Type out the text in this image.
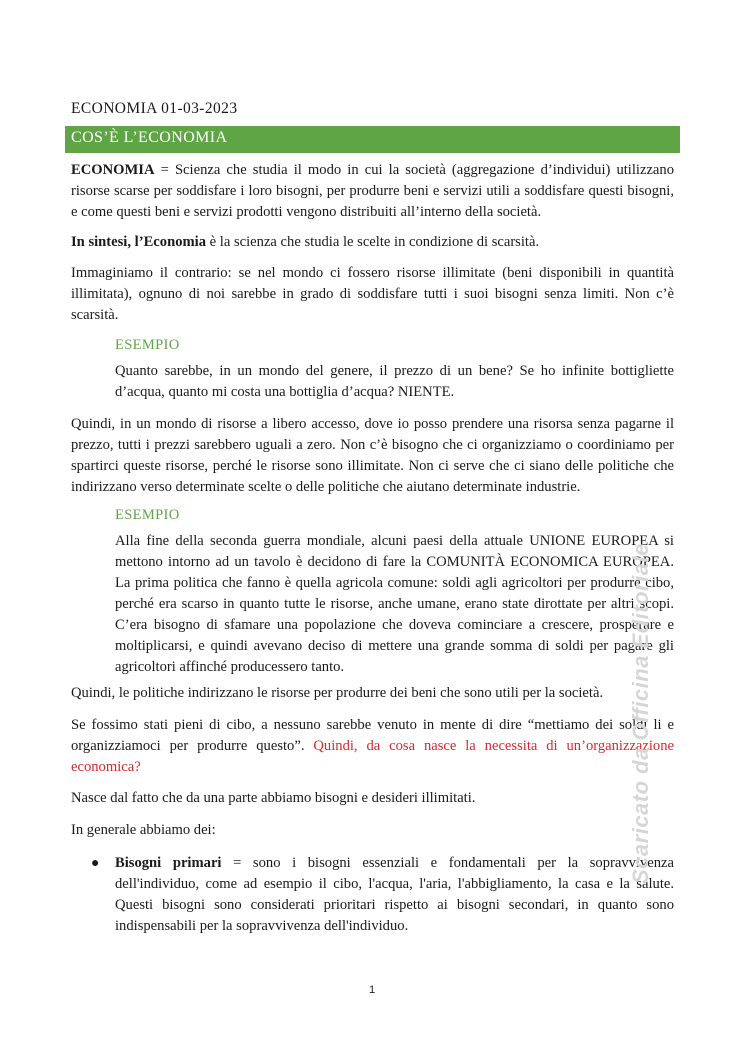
ECONOMIA 01-03-2023
COS’È L’ECONOMIA

ECONOMIA = Scienza che studia il modo in cui la società (aggregazione d’individui) utilizzano risorse scarse per soddisfare i loro bisogni, per produrre beni e servizi utili a soddisfare questi bisogni, e come questi beni e servizi prodotti vengono distribuiti all’interno della società.

In sintesi, l’Economia è la scienza che studia le scelte in condizione di scarsità.

Immaginiamo il contrario: se nel mondo ci fossero risorse illimitate (beni disponibili in quantità illimitata), ognuno di noi sarebbe in grado di soddisfare tutti i suoi bisogni senza limiti. Non c’è scarsità.

ESEMPIO

Quanto sarebbe, in un mondo del genere, il prezzo di un bene? Se ho infinite bottigliette d’acqua, quanto mi costa una bottiglia d’acqua? NIENTE.

Quindi, in un mondo di risorse a libero accesso, dove io posso prendere una risorsa senza pagarne il prezzo, tutti i prezzi sarebbero uguali a zero. Non c’è bisogno che ci organizziamo o coordiniamo per spartirci queste risorse, perché le risorse sono illimitate. Non ci serve che ci siano delle politiche che indirizzano verso determinate scelte o delle politiche che aiutano determinate industrie.

ESEMPIO

Alla fine della seconda guerra mondiale, alcuni paesi della attuale UNIONE EUROPEA si mettono intorno ad un tavolo è decidono di fare la COMUNITÀ ECONOMICA EUROPEA. La prima politica che fanno è quella agricola comune: soldi agli agricoltori per produrre cibo, perché era scarso in quanto tutte le risorse, anche umane, erano state dirottate per altri scopi. C’era bisogno di sfamare una popolazione che doveva cominciare a crescere, prosperare e moltiplicarsi, e quindi avevano deciso di mettere una grande somma di soldi per pagare gli agricoltori affinché producessero tanto.

Quindi, le politiche indirizzano le risorse per produrre dei beni che sono utili per la società.

Se fossimo stati pieni di cibo, a nessuno sarebbe venuto in mente di dire “mettiamo dei soldi li e organizziamoci per produrre questo”. Quindi, da cosa nasce la necessita di un’organizzazione economica?

Nasce dal fatto che da una parte abbiamo bisogni e desideri illimitati.

In generale abbiamo dei:

● Bisogni primari = sono i bisogni essenziali e fondamentali per la sopravvivenza dell'individuo, come ad esempio il cibo, l'acqua, l'aria, l'abbigliamento, la casa e la salute. Questi bisogni sono considerati prioritari rispetto ai bisogni secondari, in quanto sono indispensabili per la sopravvivenza dell'individuo.

Scaricato da Officina Editoriale
1
